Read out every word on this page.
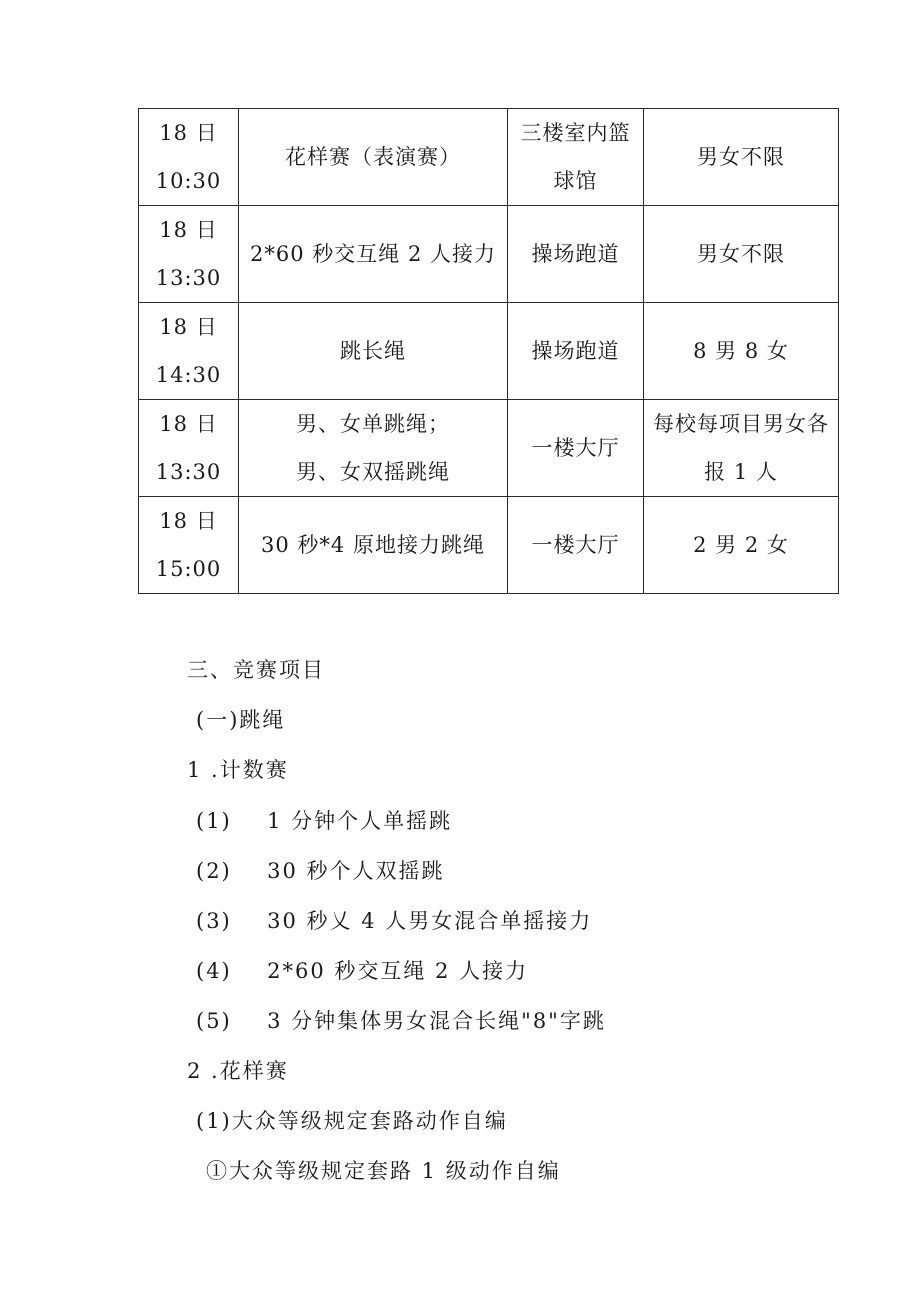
18 日
10:30	花样赛（表演赛）	三楼室内篮
球馆	男女不限

18 日
13:30	2*60 秒交互绳 2 人接力	操场跑道	男女不限

18 日
14:30	跳长绳	操场跑道	8 男 8 女

18 日
13:30	男、女单跳绳；
男、女双摇跳绳	一楼大厅	每校每项目男女各
报 1 人

18 日
15:00	30 秒*4 原地接力跳绳	一楼大厅	2 男 2 女
三、竞赛项目
(一)跳绳
1 .计数赛
(1) 1 分钟个人单摇跳
(2) 30 秒个人双摇跳
(3) 30 秒乂 4 人男女混合单摇接力
(4) 2*60 秒交互绳 2 人接力
(5) 3 分钟集体男女混合长绳"8"字跳
2 .花样赛
(1)大众等级规定套路动作自编
①大众等级规定套路 1 级动作自编
